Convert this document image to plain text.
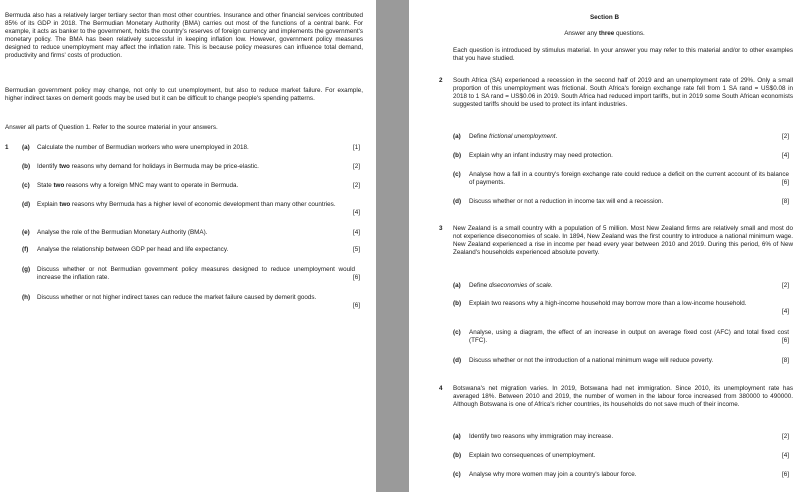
Bermuda also has a relatively larger tertiary sector than most other countries. Insurance and other financial services contributed 85% of its GDP in 2018. The Bermudian Monetary Authority (BMA) carries out most of the functions of a central bank. For example, it acts as banker to the government, holds the country's reserves of foreign currency and implements the government's monetary policy. The BMA has been relatively successful in keeping inflation low. However, government policy measures designed to reduce unemployment may affect the inflation rate. This is because policy measures can influence total demand, productivity and firms' costs of production.
Bermudian government policy may change, not only to cut unemployment, but also to reduce market failure. For example, higher indirect taxes on demerit goods may be used but it can be difficult to change people's spending patterns.
Answer all parts of Question 1. Refer to the source material in your answers.
1 (a) Calculate the number of Bermudian workers who were unemployed in 2018.	[1]
(b) Identify two reasons why demand for holidays in Bermuda may be price-elastic.	[2]
(c) State two reasons why a foreign MNC may want to operate in Bermuda.	[2]
(d) Explain two reasons why Bermuda has a higher level of economic development than many other countries.
[4]
(e) Analyse the role of the Bermudian Monetary Authority (BMA).	[4]
(f) Analyse the relationship between GDP per head and life expectancy.	[5]
(g) Discuss whether or not Bermudian government policy measures designed to reduce unemployment would increase the inflation rate.	[6]
(h) Discuss whether or not higher indirect taxes can reduce the market failure caused by demerit goods.
[6]
Section B
Answer any three questions.
Each question is introduced by stimulus material. In your answer you may refer to this material and/or to other examples that you have studied.
2 South Africa (SA) experienced a recession in the second half of 2019 and an unemployment rate of 29%. Only a small proportion of this unemployment was frictional. South Africa's foreign exchange rate fell from 1 SA rand = US$0.08 in 2018 to 1 SA rand = US$0.06 in 2019. South Africa had reduced import tariffs, but in 2019 some South African economists suggested tariffs should be used to protect its infant industries.
(a) Define frictional unemployment.	[2]
(b) Explain why an infant industry may need protection.	[4]
(c) Analyse how a fall in a country's foreign exchange rate could reduce a deficit on the current account of its balance of payments.	[6]
(d) Discuss whether or not a reduction in income tax will end a recession.	[8]
3 New Zealand is a small country with a population of 5 million. Most New Zealand firms are relatively small and most do not experience diseconomies of scale. In 1894, New Zealand was the first country to introduce a national minimum wage. New Zealand experienced a rise in income per head every year between 2010 and 2019. During this period, 6% of New Zealand's households experienced absolute poverty.
(a) Define diseconomies of scale.	[2]
(b) Explain two reasons why a high-income household may borrow more than a low-income household.
[4]
(c) Analyse, using a diagram, the effect of an increase in output on average fixed cost (AFC) and total fixed cost (TFC).	[6]
(d) Discuss whether or not the introduction of a national minimum wage will reduce poverty.	[8]
4 Botswana's net migration varies. In 2019, Botswana had net immigration. Since 2010, its unemployment rate has averaged 18%. Between 2010 and 2019, the number of women in the labour force increased from 380000 to 490000. Although Botswana is one of Africa's richer countries, its households do not save much of their income.
(a) Identify two reasons why immigration may increase.	[2]
(b) Explain two consequences of unemployment.	[4]
(c) Analyse why more women may join a country's labour force.	[6]
